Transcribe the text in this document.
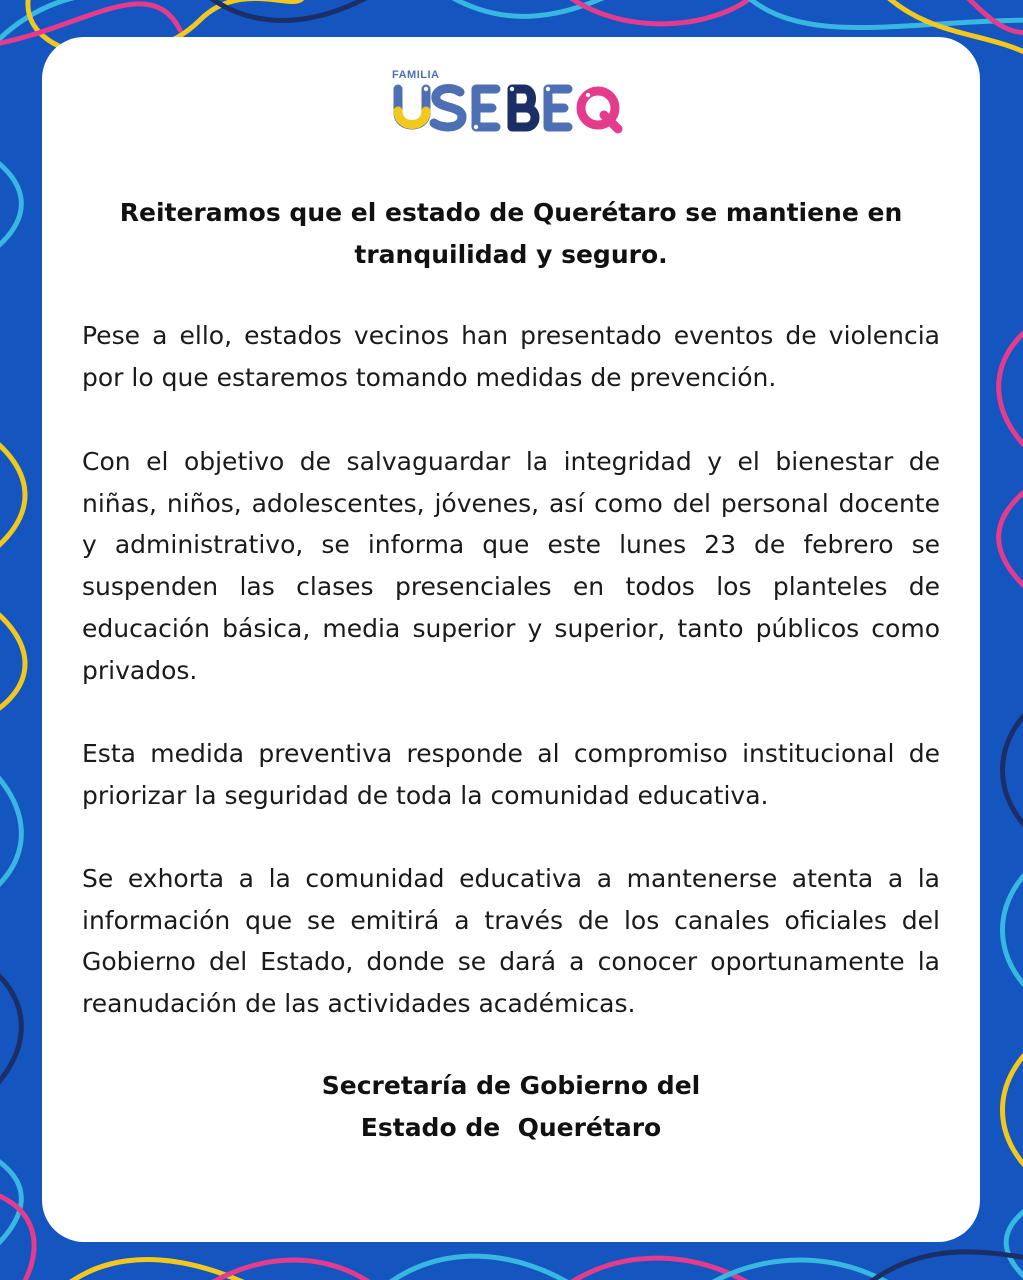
FAMILIA
Reiteramos que el estado de Querétaro se mantiene en tranquilidad y seguro.

Pese a ello, estados vecinos han presentado eventos de violencia por lo que estaremos tomando medidas de prevención.

Con el objetivo de salvaguardar la integridad y el bienestar de niñas, niños, adolescentes, jóvenes, así como del personal docente y administrativo, se informa que este lunes 23 de febrero se suspenden las clases presenciales en todos los planteles de educación básica, media superior y superior, tanto públicos como privados.

Esta medida preventiva responde al compromiso institucional de priorizar la seguridad de toda la comunidad educativa.

Se exhorta a la comunidad educativa a mantenerse atenta a la información que se emitirá a través de los canales oficiales del Gobierno del Estado, donde se dará a conocer oportunamente la reanudación de las actividades académicas.

Secretaría de Gobierno del
Estado de  Querétaro
